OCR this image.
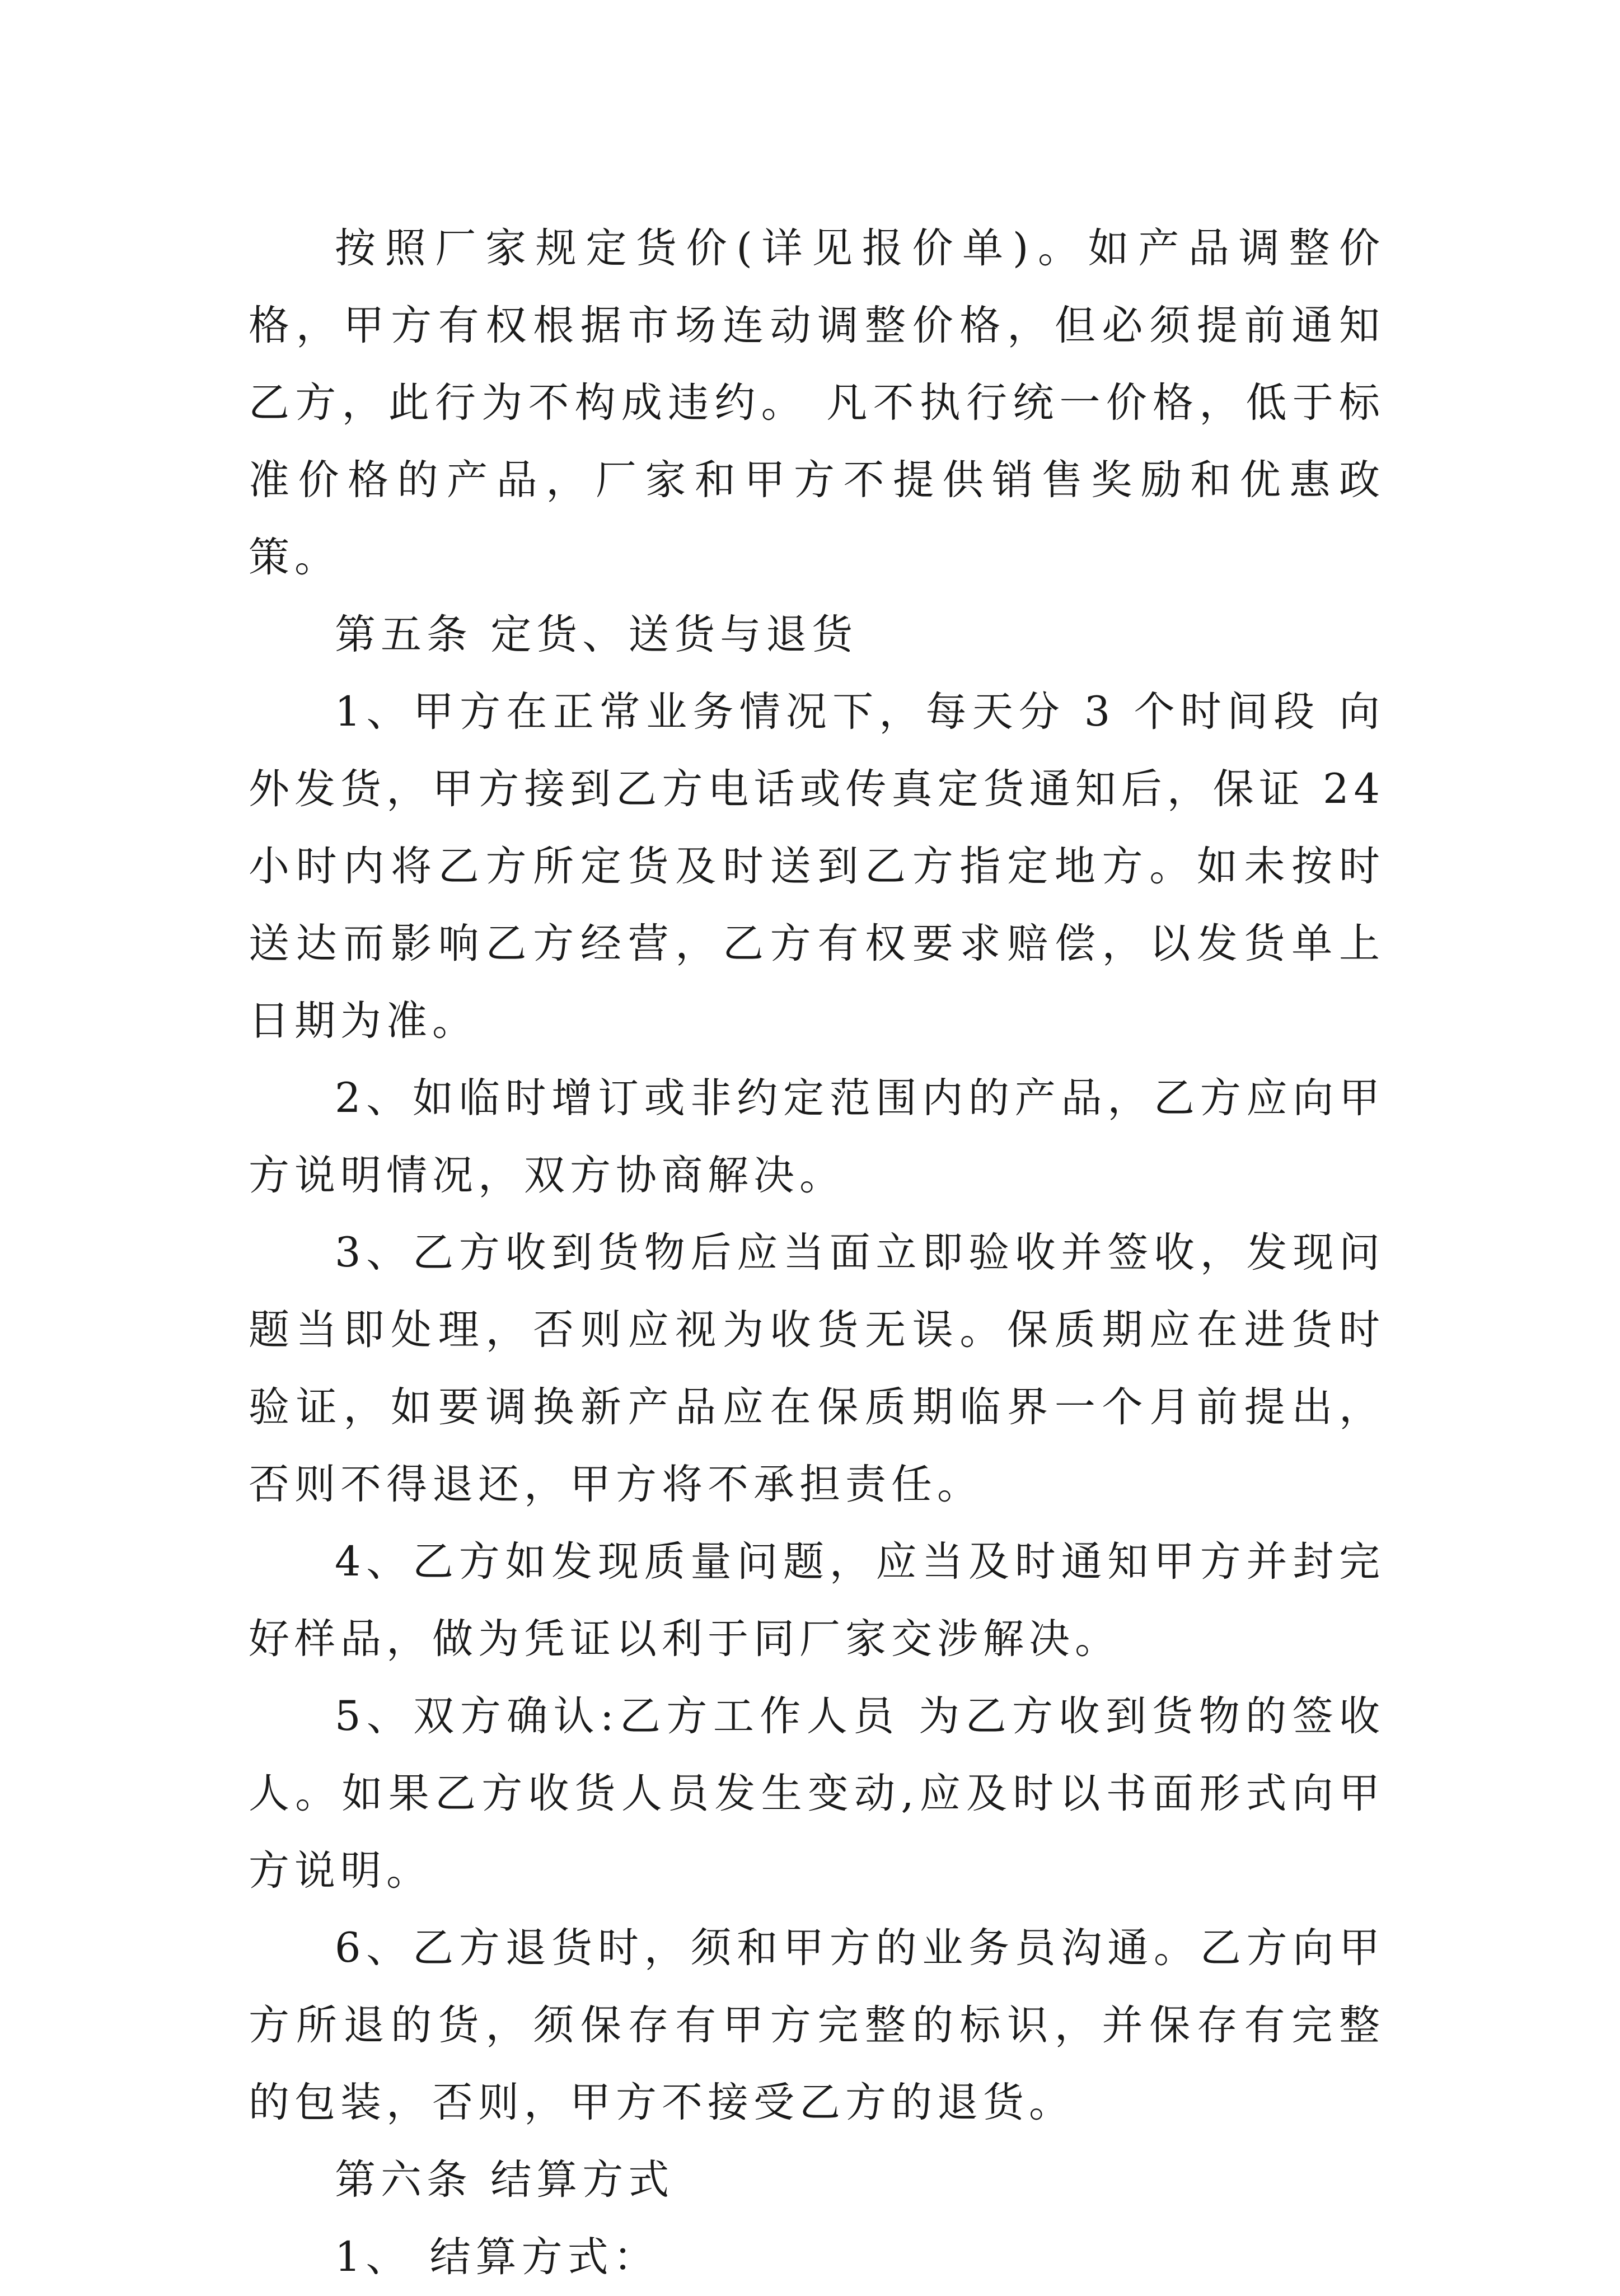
按照厂家规定货价(详见报价单)。如产品调整价格，甲方有权根据市场连动调整价格，但必须提前通知乙方，此行为不构成违约。 凡不执行统一价格，低于标准价格的产品，厂家和甲方不提供销售奖励和优惠政策。

第五条 定货、送货与退货

1、甲方在正常业务情况下，每天分 3 个时间段 向外发货，甲方接到乙方电话或传真定货通知后，保证 24 小时内将乙方所定货及时送到乙方指定地方。如未按时送达而影响乙方经营，乙方有权要求赔偿，以发货单上日期为准。

2、如临时增订或非约定范围内的产品，乙方应向甲方说明情况，双方协商解决。

3、乙方收到货物后应当面立即验收并签收，发现问题当即处理，否则应视为收货无误。保质期应在进货时验证，如要调换新产品应在保质期临界一个月前提出，否则不得退还，甲方将不承担责任。

4、乙方如发现质量问题，应当及时通知甲方并封完好样品，做为凭证以利于同厂家交涉解决。

5、双方确认:乙方工作人员 为乙方收到货物的签收人。如果乙方收货人员发生变动,应及时以书面形式向甲方说明。

6、乙方退货时，须和甲方的业务员沟通。乙方向甲方所退的货，须保存有甲方完整的标识，并保存有完整的包装，否则，甲方不接受乙方的退货。

第六条 结算方式

1、 结算方式：
